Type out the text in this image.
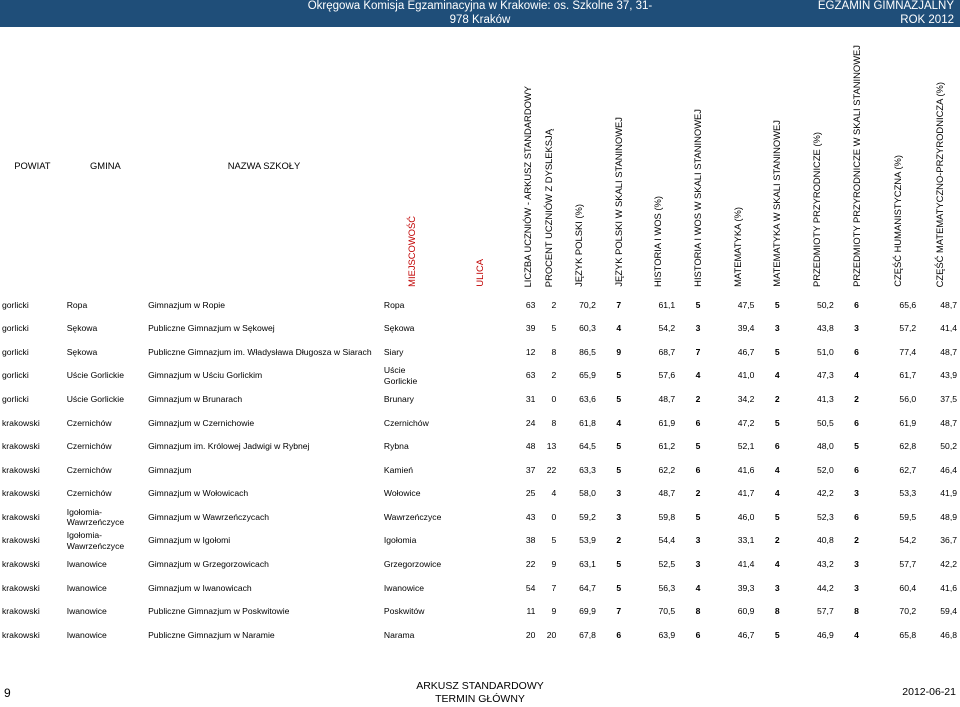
Okręgowa Komisja Egzaminacyjna w Krakowie: os. Szkolne 37, 31-978 Kraków
tel. (012) 68 32 101, e-mail: oke@oke.krakow.pl www.oke.krakow.pl
EGZAMIN GIMNAZJALNY
ROK 2012
POWIAT	GMINA	NAZWA SZKOŁY	MIEJSCOWOŚĆ	ULICA	LICZBA UCZNIÓW - ARKUSZ STANDARDOWY	PROCENT UCZNIÓW Z DYSLEKSJĄ	JĘZYK POLSKI (%)	JĘZYK POLSKI W SKALI STANINOWEJ	HISTORIA I WOS (%)	HISTORIA I WOS W SKALI STANINOWEJ	MATEMATYKA (%)	MATEMATYKA W SKALI STANINOWEJ	PRZEDMIOTY PRZYRODNICZE (%)	PRZEDMIOTY PRZYRODNICZE W SKALI STANINOWEJ	CZĘŚĆ HUMANISTYCZNA (%)	CZĘŚĆ MATEMATYCZNO-PRZYRODNICZA (%)

gorlicki	Ropa	Gimnazjum w Ropie	Ropa		63	2	70,2	7	61,1	5	47,5	5	50,2	6	65,6	48,7
gorlicki	Sękowa	Publiczne Gimnazjum w Sękowej	Sękowa		39	5	60,3	4	54,2	3	39,4	3	43,8	3	57,2	41,4
gorlicki	Sękowa	Publiczne Gimnazjum im. Władysława Długosza w Siarach	Siary		12	8	86,5	9	68,7	7	46,7	5	51,0	6	77,4	48,7
gorlicki	Uście Gorlickie	Gimnazjum w Uściu Gorlickim	Uście Gorlickie		63	2	65,9	5	57,6	4	41,0	4	47,3	4	61,7	43,9
gorlicki	Uście Gorlickie	Gimnazjum w Brunarach	Brunary		31	0	63,6	5	48,7	2	34,2	2	41,3	2	56,0	37,5
krakowski	Czernichów	Gimnazjum w Czernichowie	Czernichów		24	8	61,8	4	61,9	6	47,2	5	50,5	6	61,9	48,7
krakowski	Czernichów	Gimnazjum im. Królowej Jadwigi w Rybnej	Rybna		48	13	64,5	5	61,2	5	52,1	6	48,0	5	62,8	50,2
krakowski	Czernichów	Gimnazjum	Kamień		37	22	63,3	5	62,2	6	41,6	4	52,0	6	62,7	46,4
krakowski	Czernichów	Gimnazjum w Wołowicach	Wołowice		25	4	58,0	3	48,7	2	41,7	4	42,2	3	53,3	41,9
krakowski	Igołomia-Wawrzeńczyce	Gimnazjum w Wawrzeńczycach	Wawrzeńczyce		43	0	59,2	3	59,8	5	46,0	5	52,3	6	59,5	48,9
krakowski	Igołomia-Wawrzeńczyce	Gimnazjum w Igołomi	Igołomia		38	5	53,9	2	54,4	3	33,1	2	40,8	2	54,2	36,7
krakowski	Iwanowice	Gimnazjum w Grzegorzowicach	Grzegorzowice		22	9	63,1	5	52,5	3	41,4	4	43,2	3	57,7	42,2
krakowski	Iwanowice	Gimnazjum w Iwanowicach	Iwanowice		54	7	64,7	5	56,3	4	39,3	3	44,2	3	60,4	41,6
krakowski	Iwanowice	Publiczne Gimnazjum w Poskwitowie	Poskwitów		11	9	69,9	7	70,5	8	60,9	8	57,7	8	70,2	59,4
krakowski	Iwanowice	Publiczne Gimnazjum w Naramie	Narama		20	20	67,8	6	63,9	6	46,7	5	46,9	4	65,8	46,8
9	ARKUSZ STANDARDOWY
TERMIN GŁÓWNY
2012-06-21
